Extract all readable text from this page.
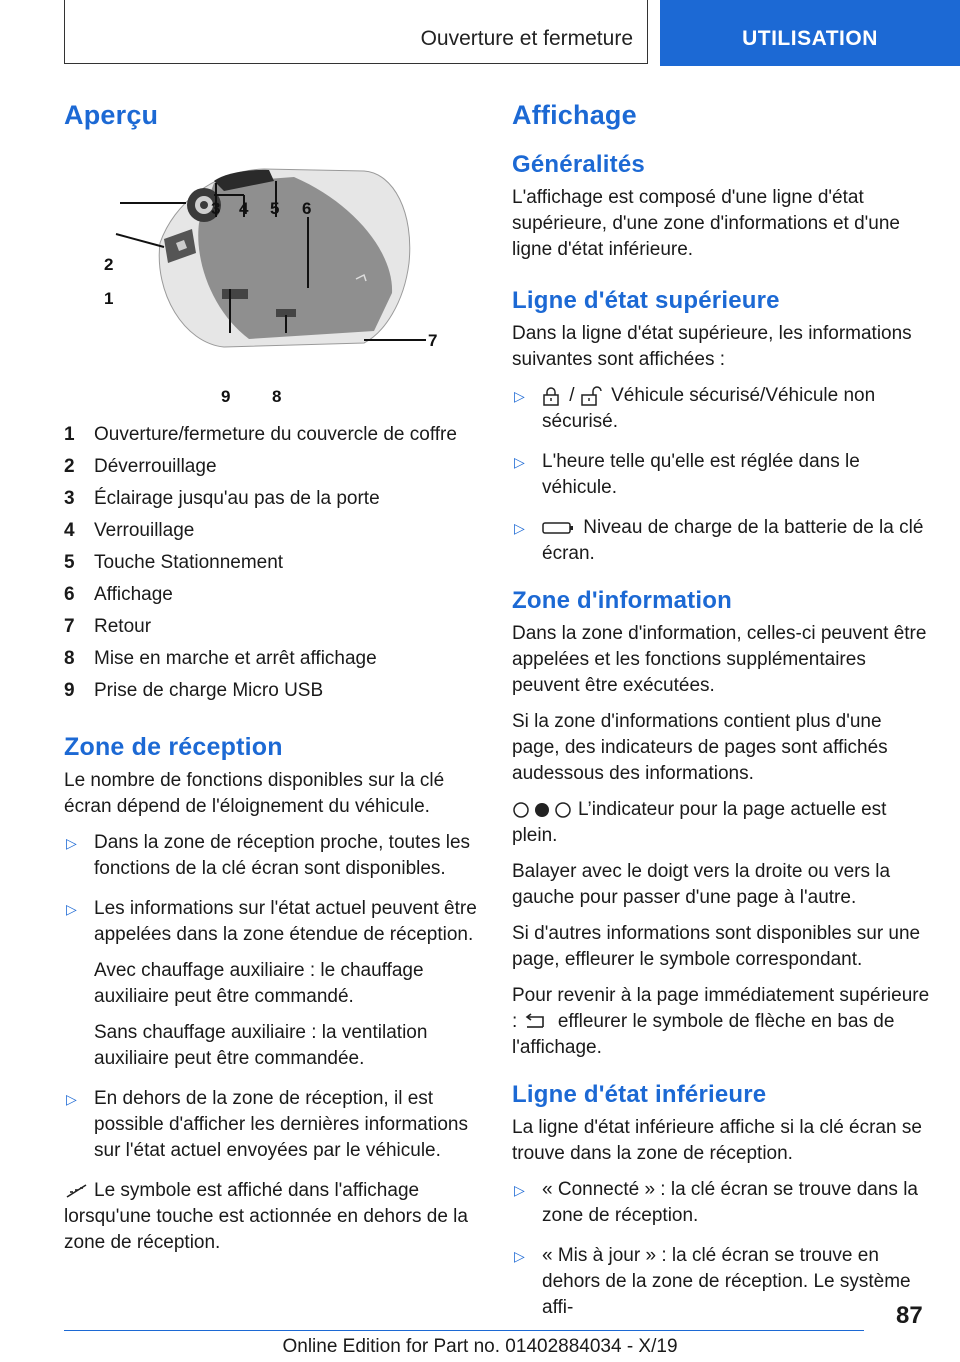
Ouverture et fermeture	UTILISATION
Aperçu
3 4 5 6
2
1
7
9 8
1	Ouverture/fermeture du couvercle de coffre
2	Déverrouillage
3	Éclairage jusqu'au pas de la porte
4	Verrouillage
5	Touche Stationnement
6	Affichage
7	Retour
8	Mise en marche et arrêt affichage
9	Prise de charge Micro USB
Zone de réception

Le nombre de fonctions disponibles sur la clé écran dépend de l'éloignement du véhicule.

▷ Dans la zone de réception proche, toutes les fonctions de la clé écran sont disponibles.
▷ Les informations sur l'état actuel peuvent être appelées dans la zone étendue de réception.
Avec chauffage auxiliaire : le chauffage auxiliaire peut être commandé.
Sans chauffage auxiliaire : la ventilation auxiliaire peut être commandée.
▷ En dehors de la zone de réception, il est possible d'afficher les dernières informations sur l'état actuel envoyées par le véhicule.

Le symbole est affiché dans l'affichage lorsqu'une touche est actionnée en dehors de la zone de réception.

Affichage
Généralités

L'affichage est composé d'une ligne d'état supérieure, d'une zone d'informations et d'une ligne d'état inférieure.

Ligne d'état supérieure

Dans la ligne d'état supérieure, les informations suivantes sont affichées :

▷ / Véhicule sécurisé/Véhicule non sécurisé.
▷ L'heure telle qu'elle est réglée dans le véhicule.
▷	Niveau de charge de la batterie de la clé écran.
Zone d'information

Dans la zone d'information, celles-ci peuvent être appelées et les fonctions supplémentaires peuvent être exécutées.

Si la zone d'informations contient plus d'une page, des indicateurs de pages sont affichés audessous des informations.

L’indicateur pour la page actuelle est plein.

Balayer avec le doigt vers la droite ou vers la gauche pour passer d'une page à l'autre.

Si d'autres informations sont disponibles sur une page, effleurer le symbole correspondant.

Pour revenir à la page immédiatement supérieure : effleurer le symbole de flèche en bas de l'affichage.

Ligne d'état inférieure

La ligne d'état inférieure affiche si la clé écran se trouve dans la zone de réception.

▷ « Connecté » : la clé écran se trouve dans la zone de réception.
▷ « Mis à jour » : la clé écran se trouve en dehors de la zone de réception. Le système affi-	87
Online Edition for Part no. 01402884034 - X/19
